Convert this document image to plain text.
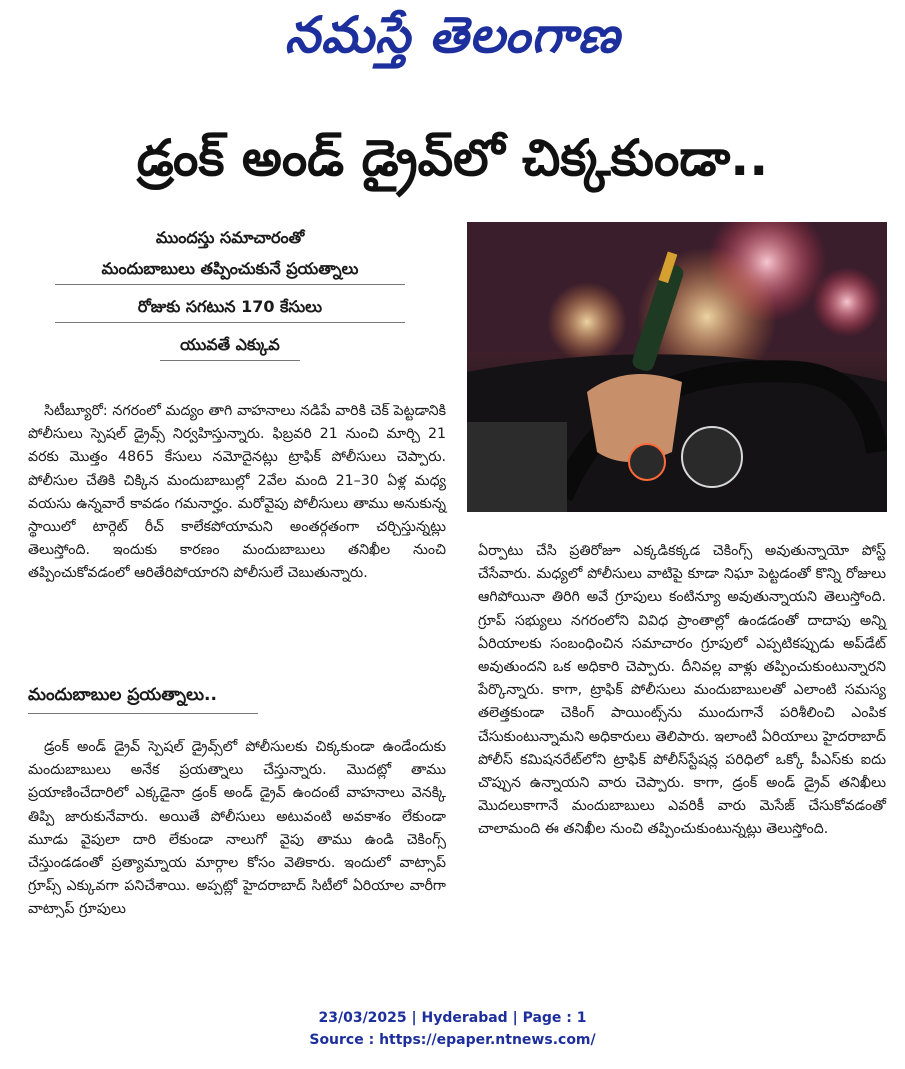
నమస్తే తెలంగాణ
డ్రంక్ అండ్ డ్రైవ్‌లో చిక్కకుండా..
ముందస్తు సమాచారంతో
మందుబాబులు తప్పించుకునే ప్రయత్నాలు
రోజుకు సగటున 170 కేసులు
యువతే ఎక్కువ

సిటీబ్యూరో: నగరంలో మద్యం తాగి వాహనాలు నడిపే వారికి చెక్ పెట్టడానికి పోలీసులు స్పెషల్ డ్రైవ్స్ నిర్వహిస్తున్నారు. ఫిబ్రవరి 21 నుంచి మార్చి 21 వరకు మొత్తం 4865 కేసులు నమోదైనట్లు ట్రాఫిక్ పోలీసులు చెప్పారు. పోలీసుల చేతికి చిక్కిన మందుబాబుల్లో 2వేల మంది 21–30 ఏళ్ల మధ్య వయసు ఉన్నవారే కావడం గమనార్హం. మరోవైపు పోలీసులు తాము అనుకున్న స్థాయిలో టార్గెట్ రీచ్ కాలేకపోయామని అంతర్గతంగా చర్చిస్తున్నట్లు తెలుస్తోంది. ఇందుకు కారణం మందుబాబులు తనిఖీల నుంచి తప్పించుకోవడంలో ఆరితేరిపోయారని పోలీసులే చెబుతున్నారు.

మందుబాబుల ప్రయత్నాలు..

డ్రంక్ అండ్ డ్రైవ్ స్పెషల్ డ్రైవ్స్‌లో పోలీసులకు చిక్కకుండా ఉండేందుకు మందుబాబులు అనేక ప్రయత్నాలు చేస్తున్నారు. మొదట్లో తాము ప్రయాణించేదారిలో ఎక్కడైనా డ్రంక్ అండ్ డ్రైవ్ ఉందంటే వాహనాలు వెనక్కి తిప్పి జారుకునేవారు. అయితే పోలీసులు అటువంటి అవకాశం లేకుండా మూడు వైపులా దారి లేకుండా నాలుగో వైపు తాము ఉండి చెకింగ్స్ చేస్తుండడంతో ప్రత్యామ్నాయ మార్గాల కోసం వెతికారు. ఇందులో వాట్సాప్ గ్రూప్స్ ఎక్కువగా పనిచేశాయి. అప్పట్లో హైదరాబాద్ సిటీలో ఏరియాల వారీగా వాట్సాప్ గ్రూపులు

ఏర్పాటు చేసి ప్రతిరోజూ ఎక్కడికక్కడ చెకింగ్స్ అవుతున్నాయో పోస్ట్ చేసేవారు. మధ్యలో పోలీసులు వాటిపై కూడా నిఘా పెట్టడంతో కొన్ని రోజులు ఆగిపోయినా తిరిగి అవే గ్రూపులు కంటిన్యూ అవుతున్నాయని తెలుస్తోంది. గ్రూప్ సభ్యులు నగరంలోని వివిధ ప్రాంతాల్లో ఉండడంతో దాదాపు అన్ని ఏరియాలకు సంబంధించిన సమాచారం గ్రూపులో ఎప్పటికప్పుడు అప్‌డేట్ అవుతుందని ఒక అధికారి చెప్పారు. దీనివల్ల వాళ్లు తప్పించుకుంటున్నారని పేర్కొన్నారు. కాగా, ట్రాఫిక్ పోలీసులు మందుబాబులతో ఎలాంటి సమస్య తలెత్తకుండా చెకింగ్ పాయింట్స్‌ను ముందుగానే పరిశీలించి ఎంపిక చేసుకుంటున్నామని అధికారులు తెలిపారు. ఇలాంటి ఏరియాలు హైదరాబాద్ పోలీస్ కమిషనరేట్‌లోని ట్రాఫిక్ పోలీస్‌స్టేషన్ల పరిధిలో ఒక్కో పీఎస్‌కు ఐదు చొప్పున ఉన్నాయని వారు చెప్పారు. కాగా, డ్రంక్ అండ్ డ్రైవ్ తనిఖీలు మొదలుకాగానే మందుబాబులు ఎవరికీ వారు మెసేజ్ చేసుకోవడంతో చాలామంది ఈ తనిఖీల నుంచి తప్పించుకుంటున్నట్లు తెలుస్తోంది.

23/03/2025 | Hyderabad | Page : 1
Source : https://epaper.ntnews.com/
